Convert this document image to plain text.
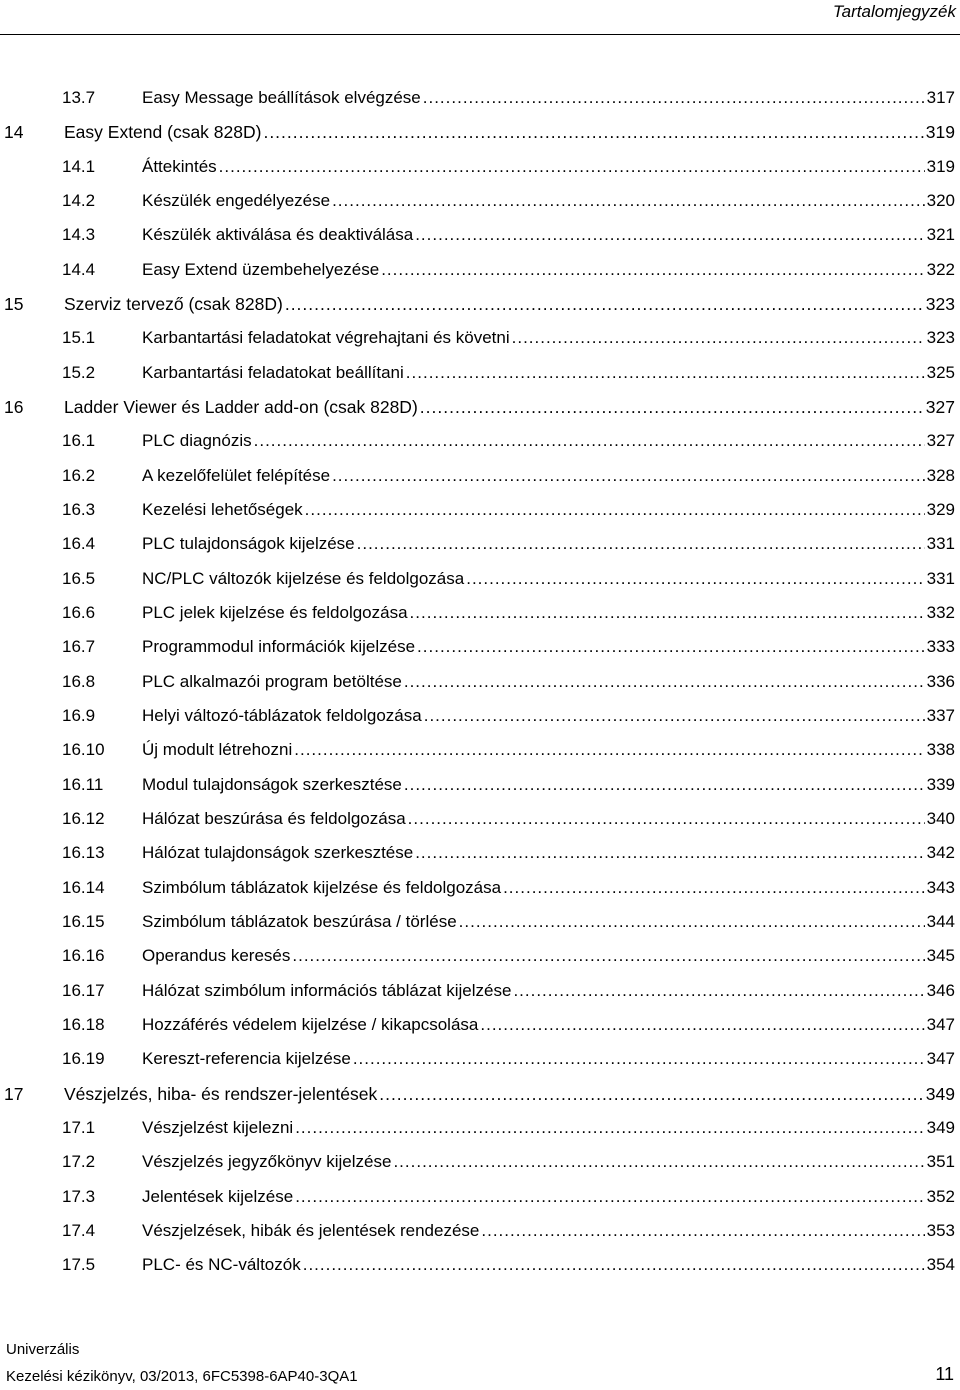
Tartalomjegyzék
13.7	Easy Message beállítások elvégzése .....	317
14	Easy Extend (csak 828D) .....	319
14.1	Áttekintés .....	319
14.2	Készülék engedélyezése .....	320
14.3	Készülék aktiválása és deaktiválása .....	321
14.4	Easy Extend üzembehelyezése .....	322
15	Szerviz tervező (csak 828D) .....	323
15.1	Karbantartási feladatokat végrehajtani és követni .....	323
15.2	Karbantartási feladatokat beállítani .....	325
16	Ladder Viewer és Ladder add-on (csak 828D) .....	327
16.1	PLC diagnózis .....	327
16.2	A kezelőfelület felépítése .....	328
16.3	Kezelési lehetőségek .....	329
16.4	PLC tulajdonságok kijelzése .....	331
16.5	NC/PLC változók kijelzése és feldolgozása .....	331
16.6	PLC jelek kijelzése és feldolgozása .....	332
16.7	Programmodul információk kijelzése .....	333
16.8	PLC alkalmazói program betöltése .....	336
16.9	Helyi változó-táblázatok feldolgozása .....	337
16.10	Új modult létrehozni .....	338
16.11	Modul tulajdonságok szerkesztése .....	339
16.12	Hálózat beszúrása és feldolgozása .....	340
16.13	Hálózat tulajdonságok szerkesztése .....	342
16.14	Szimbólum táblázatok kijelzése és feldolgozása .....	343
16.15	Szimbólum táblázatok beszúrása / törlése .....	344
16.16	Operandus keresés .....	345
16.17	Hálózat szimbólum információs táblázat kijelzése .....	346
16.18	Hozzáférés védelem kijelzése / kikapcsolása .....	347
16.19	Kereszt-referencia kijelzése .....	347
17	Vészjelzés, hiba- és rendszer-jelentések .....	349
17.1	Vészjelzést kijelezni .....	349
17.2	Vészjelzés jegyzőkönyv kijelzése .....	351
17.3	Jelentések kijelzése .....	352
17.4	Vészjelzések, hibák és jelentések rendezése .....	353
17.5	PLC- és NC-változók .....	354
Univerzális
Kezelési kézikönyv, 03/2013, 6FC5398-6AP40-3QA1	11
